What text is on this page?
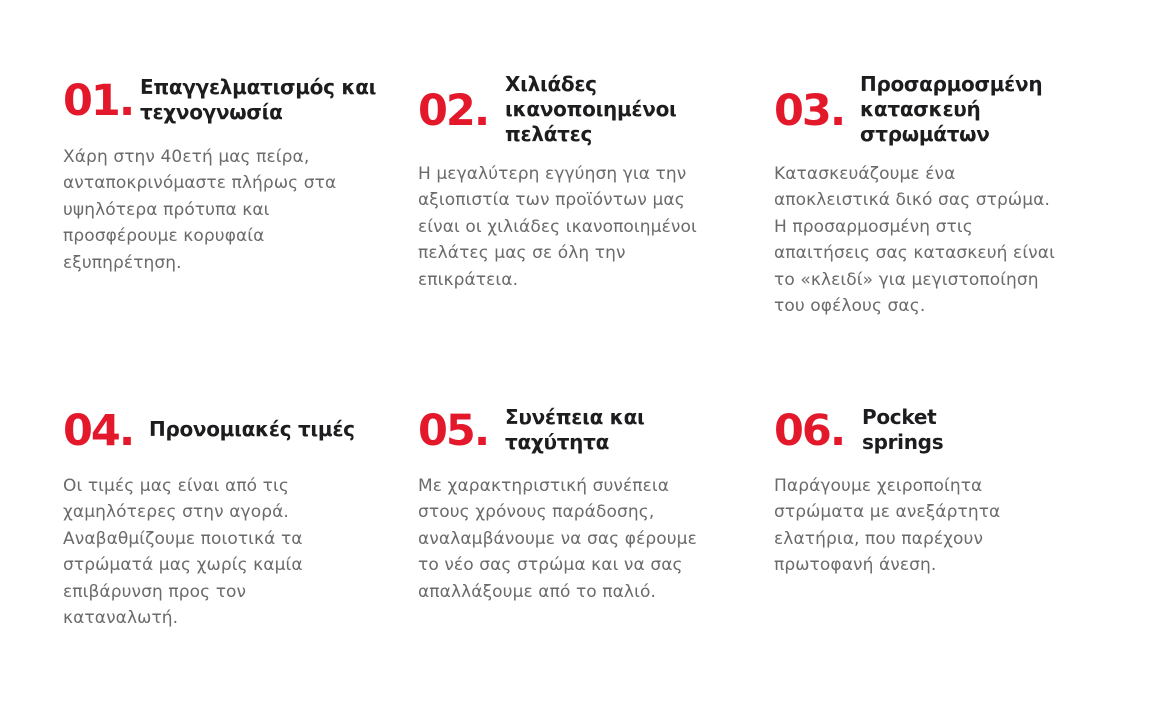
01. Επαγγελματισμός και
τεχνογνωσία
Χάρη στην 40ετή μας πείρα,
ανταποκρινόμαστε πλήρως στα
υψηλότερα πρότυπα και
προσφέρουμε κορυφαία
εξυπηρέτηση.
02.
Χιλιάδες
ικανοποιημένοι
πελάτες
Η μεγαλύτερη εγγύηση για την
αξιοπιστία των προϊόντων μας
είναι οι χιλιάδες ικανοποιημένοι
πελάτες μας σε όλη την
επικράτεια.
03.
Προσαρμοσμένη
κατασκευή
στρωμάτων
Κατασκευάζουμε ένα
αποκλειστικά δικό σας στρώμα.
Η προσαρμοσμένη στις
απαιτήσεις σας κατασκευή είναι
το «κλειδί» για μεγιστοποίηση
του οφέλους σας.
04. Προνομιακές τιμές
Οι τιμές μας είναι από τις
χαμηλότερες στην αγορά.
Αναβαθμίζουμε ποιοτικά τα
στρώματά μας χωρίς καμία
επιβάρυνση προς τον
καταναλωτή.
05. Συνέπεια και
ταχύτητα
Με χαρακτηριστική συνέπεια
στους χρόνους παράδοσης,
αναλαμβάνουμε να σας φέρουμε
το νέο σας στρώμα και να σας
απαλλάξουμε από το παλιό.
06. Pocket
springs
Παράγουμε χειροποίητα
στρώματα με ανεξάρτητα
ελατήρια, που παρέχουν
πρωτοφανή άνεση.
